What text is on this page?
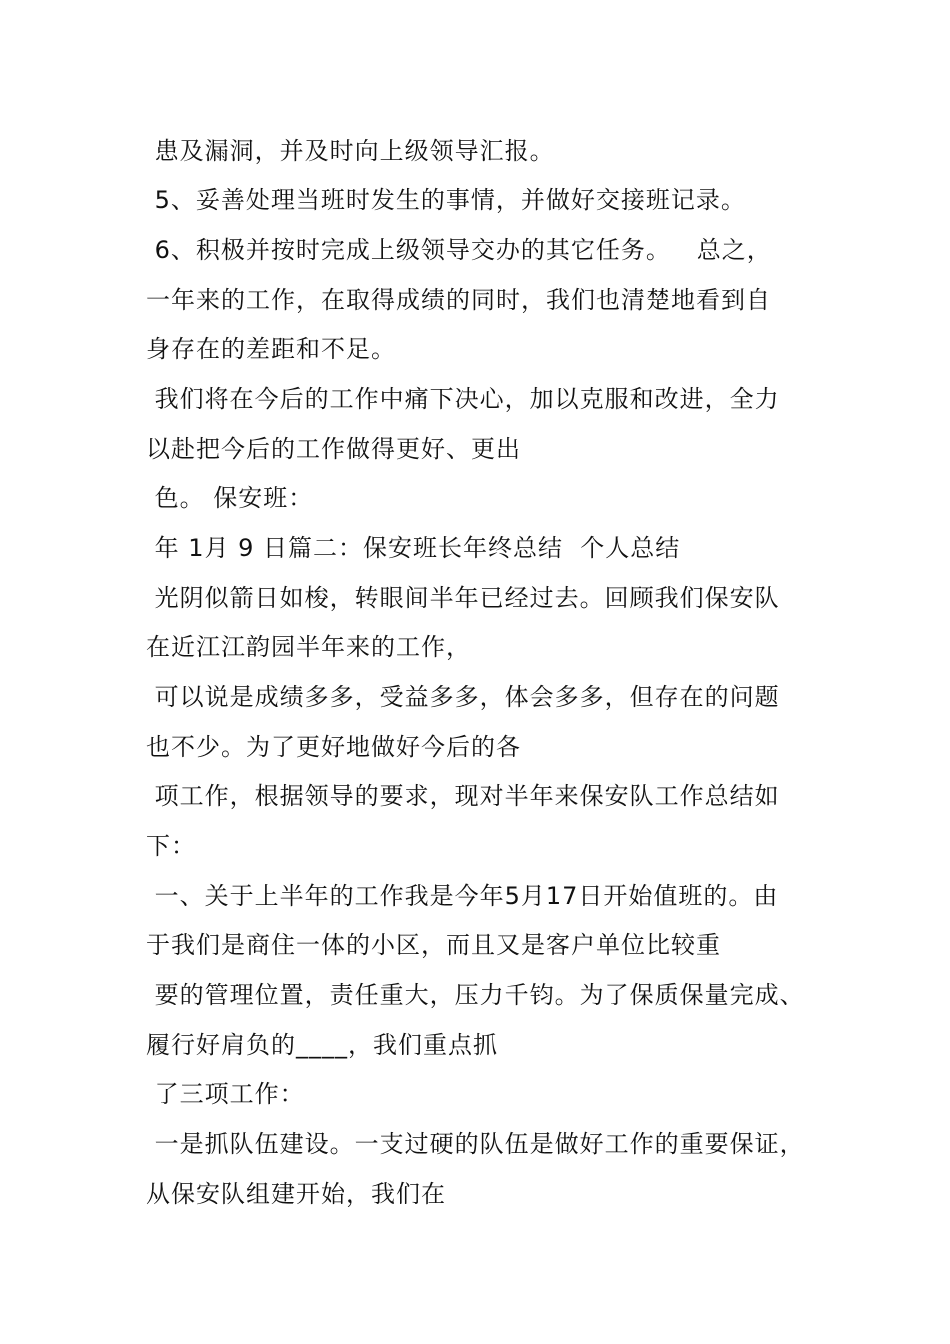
患及漏洞，并及时向上级领导汇报。
5、妥善处理当班时发生的事情，并做好交接班记录。
6、积极并按时完成上级领导交办的其它任务。   总之，
一年来的工作，在取得成绩的同时，我们也清楚地看到自
身存在的差距和不足。
我们将在今后的工作中痛下决心，加以克服和改进，全力
以赴把今后的工作做得更好、更出
色。 保安班：
年 1月 9 日篇二：保安班长年终总结  个人总结
光阴似箭日如梭，转眼间半年已经过去。回顾我们保安队
在近江江韵园半年来的工作，
可以说是成绩多多，受益多多，体会多多，但存在的问题
也不少。为了更好地做好今后的各
项工作，根据领导的要求，现对半年来保安队工作总结如
下：
一、关于上半年的工作我是今年5月17日开始值班的。由
于我们是商住一体的小区，而且又是客户单位比较重
要的管理位置，责任重大，压力千钧。为了保质保量完成、
履行好肩负的____，我们重点抓
了三项工作：
一是抓队伍建设。一支过硬的队伍是做好工作的重要保证，
从保安队组建开始，我们在
